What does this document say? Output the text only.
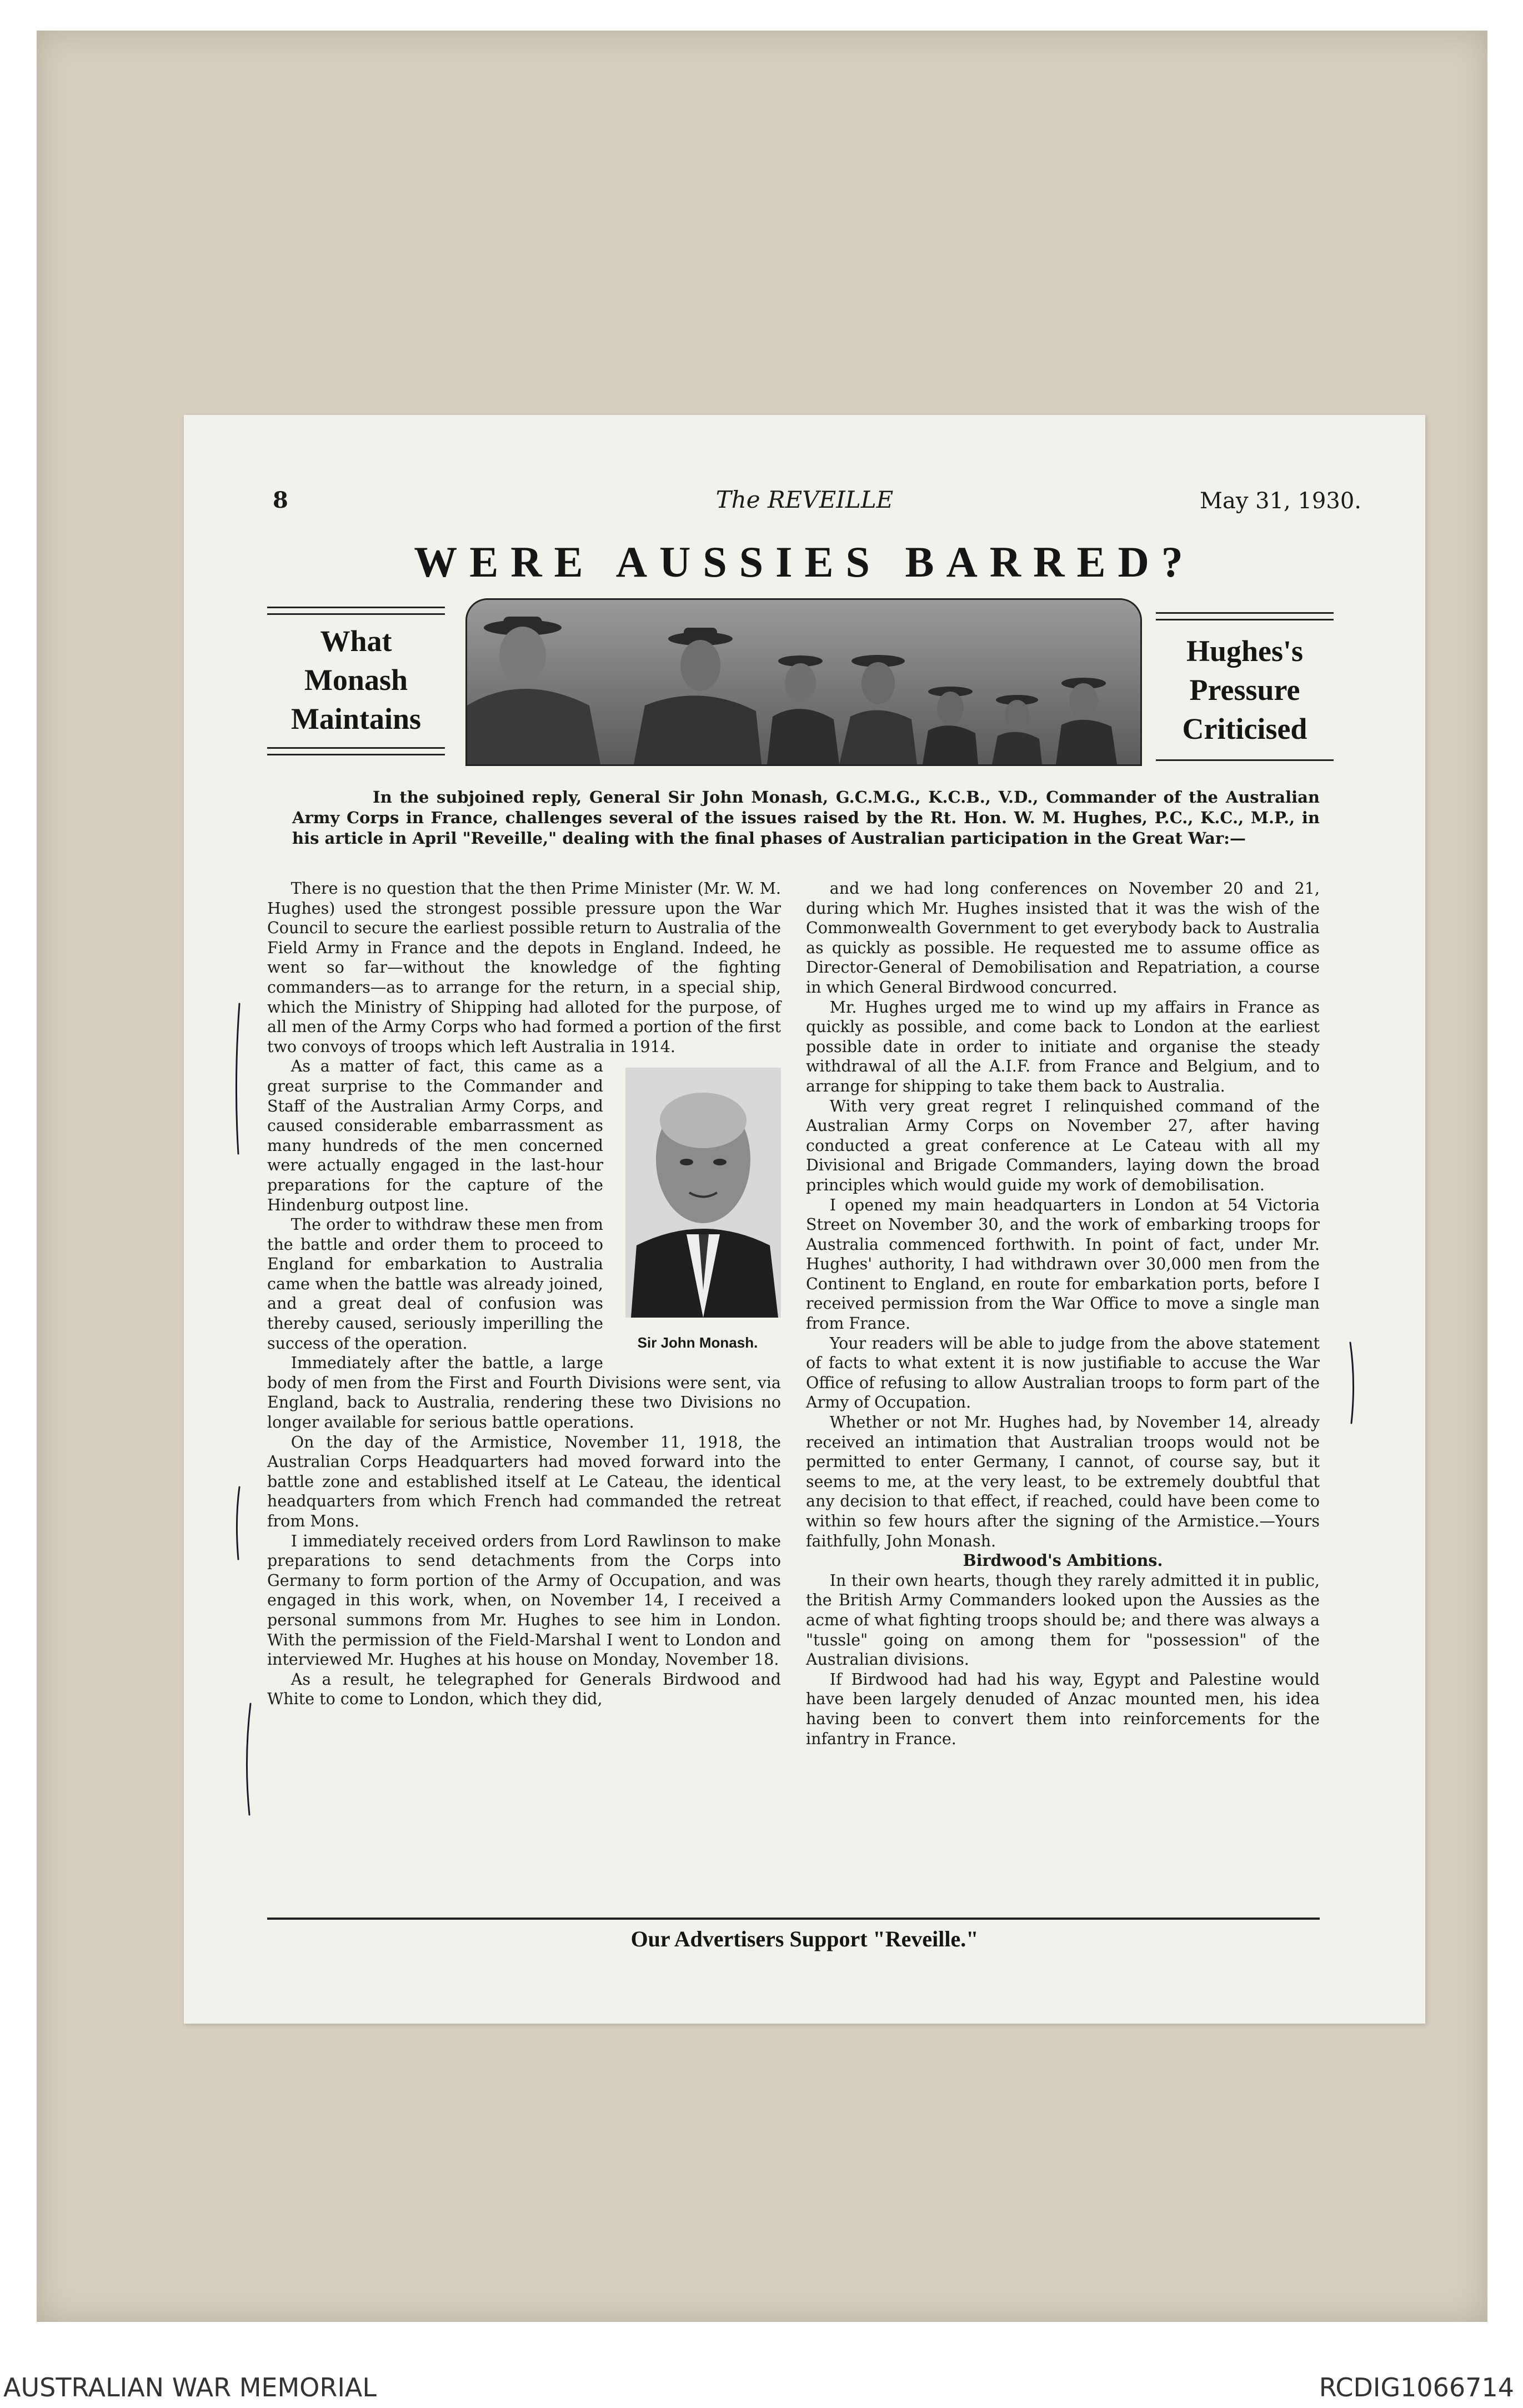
8	The REVEILLE	May 31, 1930.
WERE AUSSIES BARRED?
What Monash Maintains
Hughes's Pressure Criticised
In the subjoined reply, General Sir John Monash, G.C.M.G., K.C.B., V.D., Commander of the Australian Army Corps in France, challenges several of the issues raised by the Rt. Hon. W. M. Hughes, P.C., K.C., M.P., in his article in April "Reveille," dealing with the final phases of Australian participation in the Great War:—

There is no question that the then Prime Minister (Mr. W. M. Hughes) used the strongest possible pressure upon the War Council to secure the earliest possible return to Australia of the Field Army in France and the depots in England. Indeed, he went so far—without the knowledge of the fighting commanders—as to arrange for the return, in a special ship, which the Ministry of Shipping had alloted for the purpose, of all men of the Army Corps who had formed a portion of the first two convoys of troops which left Australia in 1914.

Sir John Monash.

As a matter of fact, this came as a great surprise to the Commander and Staff of the Australian Army Corps, and caused considerable embarrassment as many hundreds of the men concerned were actually engaged in the last-hour preparations for the capture of the Hindenburg outpost line.

The order to withdraw these men from the battle and order them to proceed to England for embarkation to Australia came when the battle was already joined, and a great deal of confusion was thereby caused, seriously imperilling the success of the operation.

Immediately after the battle, a large body of men from the First and Fourth Divisions were sent, via England, back to Australia, rendering these two Divisions no longer available for serious battle operations.

On the day of the Armistice, November 11, 1918, the Australian Corps Headquarters had moved forward into the battle zone and established itself at Le Cateau, the identical headquarters from which French had commanded the retreat from Mons.

I immediately received orders from Lord Rawlinson to make preparations to send detachments from the Corps into Germany to form portion of the Army of Occupation, and was engaged in this work, when, on November 14, I received a personal summons from Mr. Hughes to see him in London. With the permission of the Field-Marshal I went to London and interviewed Mr. Hughes at his house on Monday, November 18.

As a result, he telegraphed for Generals Birdwood and White to come to London, which they did,

and we had long conferences on November 20 and 21, during which Mr. Hughes insisted that it was the wish of the Commonwealth Government to get everybody back to Australia as quickly as possible. He requested me to assume office as Director-General of Demobilisation and Repatriation, a course in which General Birdwood concurred.

Mr. Hughes urged me to wind up my affairs in France as quickly as possible, and come back to London at the earliest possible date in order to initiate and organise the steady withdrawal of all the A.I.F. from France and Belgium, and to arrange for shipping to take them back to Australia.

With very great regret I relinquished command of the Australian Army Corps on November 27, after having conducted a great conference at Le Cateau with all my Divisional and Brigade Commanders, laying down the broad principles which would guide my work of demobilisation.

I opened my main headquarters in London at 54 Victoria Street on November 30, and the work of embarking troops for Australia commenced forthwith. In point of fact, under Mr. Hughes' authority, I had withdrawn over 30,000 men from the Continent to England, en route for embarkation ports, before I received permission from the War Office to move a single man from France.

Your readers will be able to judge from the above statement of facts to what extent it is now justifiable to accuse the War Office of refusing to allow Australian troops to form part of the Army of Occupation.

Whether or not Mr. Hughes had, by November 14, already received an intimation that Australian troops would not be permitted to enter Germany, I cannot, of course say, but it seems to me, at the very least, to be extremely doubtful that any decision to that effect, if reached, could have been come to within so few hours after the signing of the Armistice.—Yours faithfully, John Monash.

Birdwood's Ambitions.

In their own hearts, though they rarely admitted it in public, the British Army Commanders looked upon the Aussies as the acme of what fighting troops should be; and there was always a "tussle" going on among them for "possession" of the Australian divisions.

If Birdwood had had his way, Egypt and Palestine would have been largely denuded of Anzac mounted men, his idea having been to convert them into reinforcements for the infantry in France.

Our Advertisers Support "Reveille."
AUSTRALIAN WAR MEMORIAL	RCDIG1066714
